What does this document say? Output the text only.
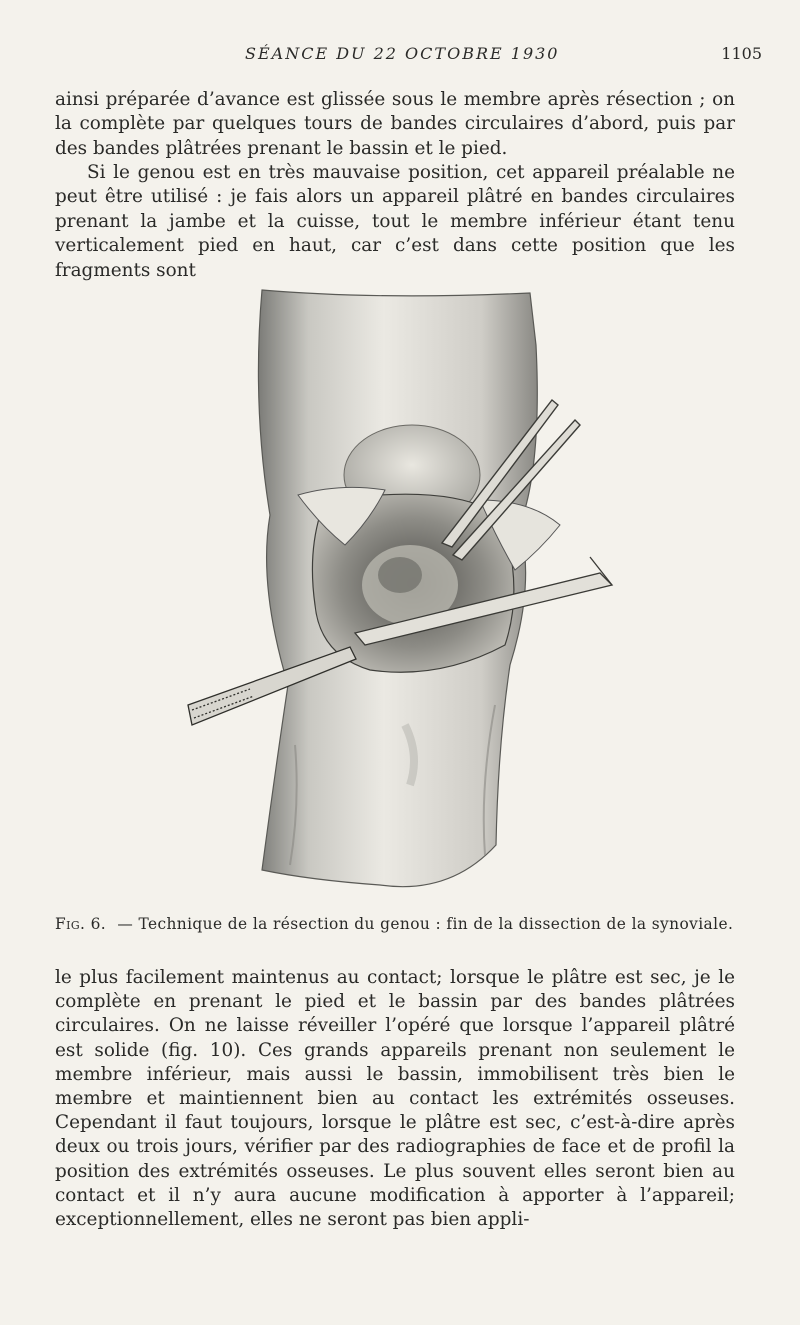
SÉANCE DU 22 OCTOBRE 1930	1105

ainsi préparée d’avance est glissée sous le membre après résection ; on la complète par quelques tours de bandes circulaires d’abord, puis par des bandes plâtrées prenant le bassin et le pied.

Si le genou est en très mauvaise position, cet appareil préalable ne peut être utilisé : je fais alors un appareil plâtré en bandes circulaires prenant la jambe et la cuisse, tout le membre inférieur étant tenu verticalement pied en haut, car c’est dans cette position que les fragments sont

Fig. 6. — Technique de la résection du genou : fin de la dissection de la synoviale.

le plus facilement maintenus au contact; lorsque le plâtre est sec, je le complète en prenant le pied et le bassin par des bandes plâtrées circulaires. On ne laisse réveiller l’opéré que lorsque l’appareil plâtré est solide (fig. 10). Ces grands appareils prenant non seulement le membre inférieur, mais aussi le bassin, immobilisent très bien le membre et maintiennent bien au contact les extrémités osseuses. Cependant il faut toujours, lorsque le plâtre est sec, c’est-à-dire après deux ou trois jours, vérifier par des radiographies de face et de profil la position des extrémités osseuses. Le plus souvent elles seront bien au contact et il n’y aura aucune modification à apporter à l’appareil; exceptionnellement, elles ne seront pas bien appli-
